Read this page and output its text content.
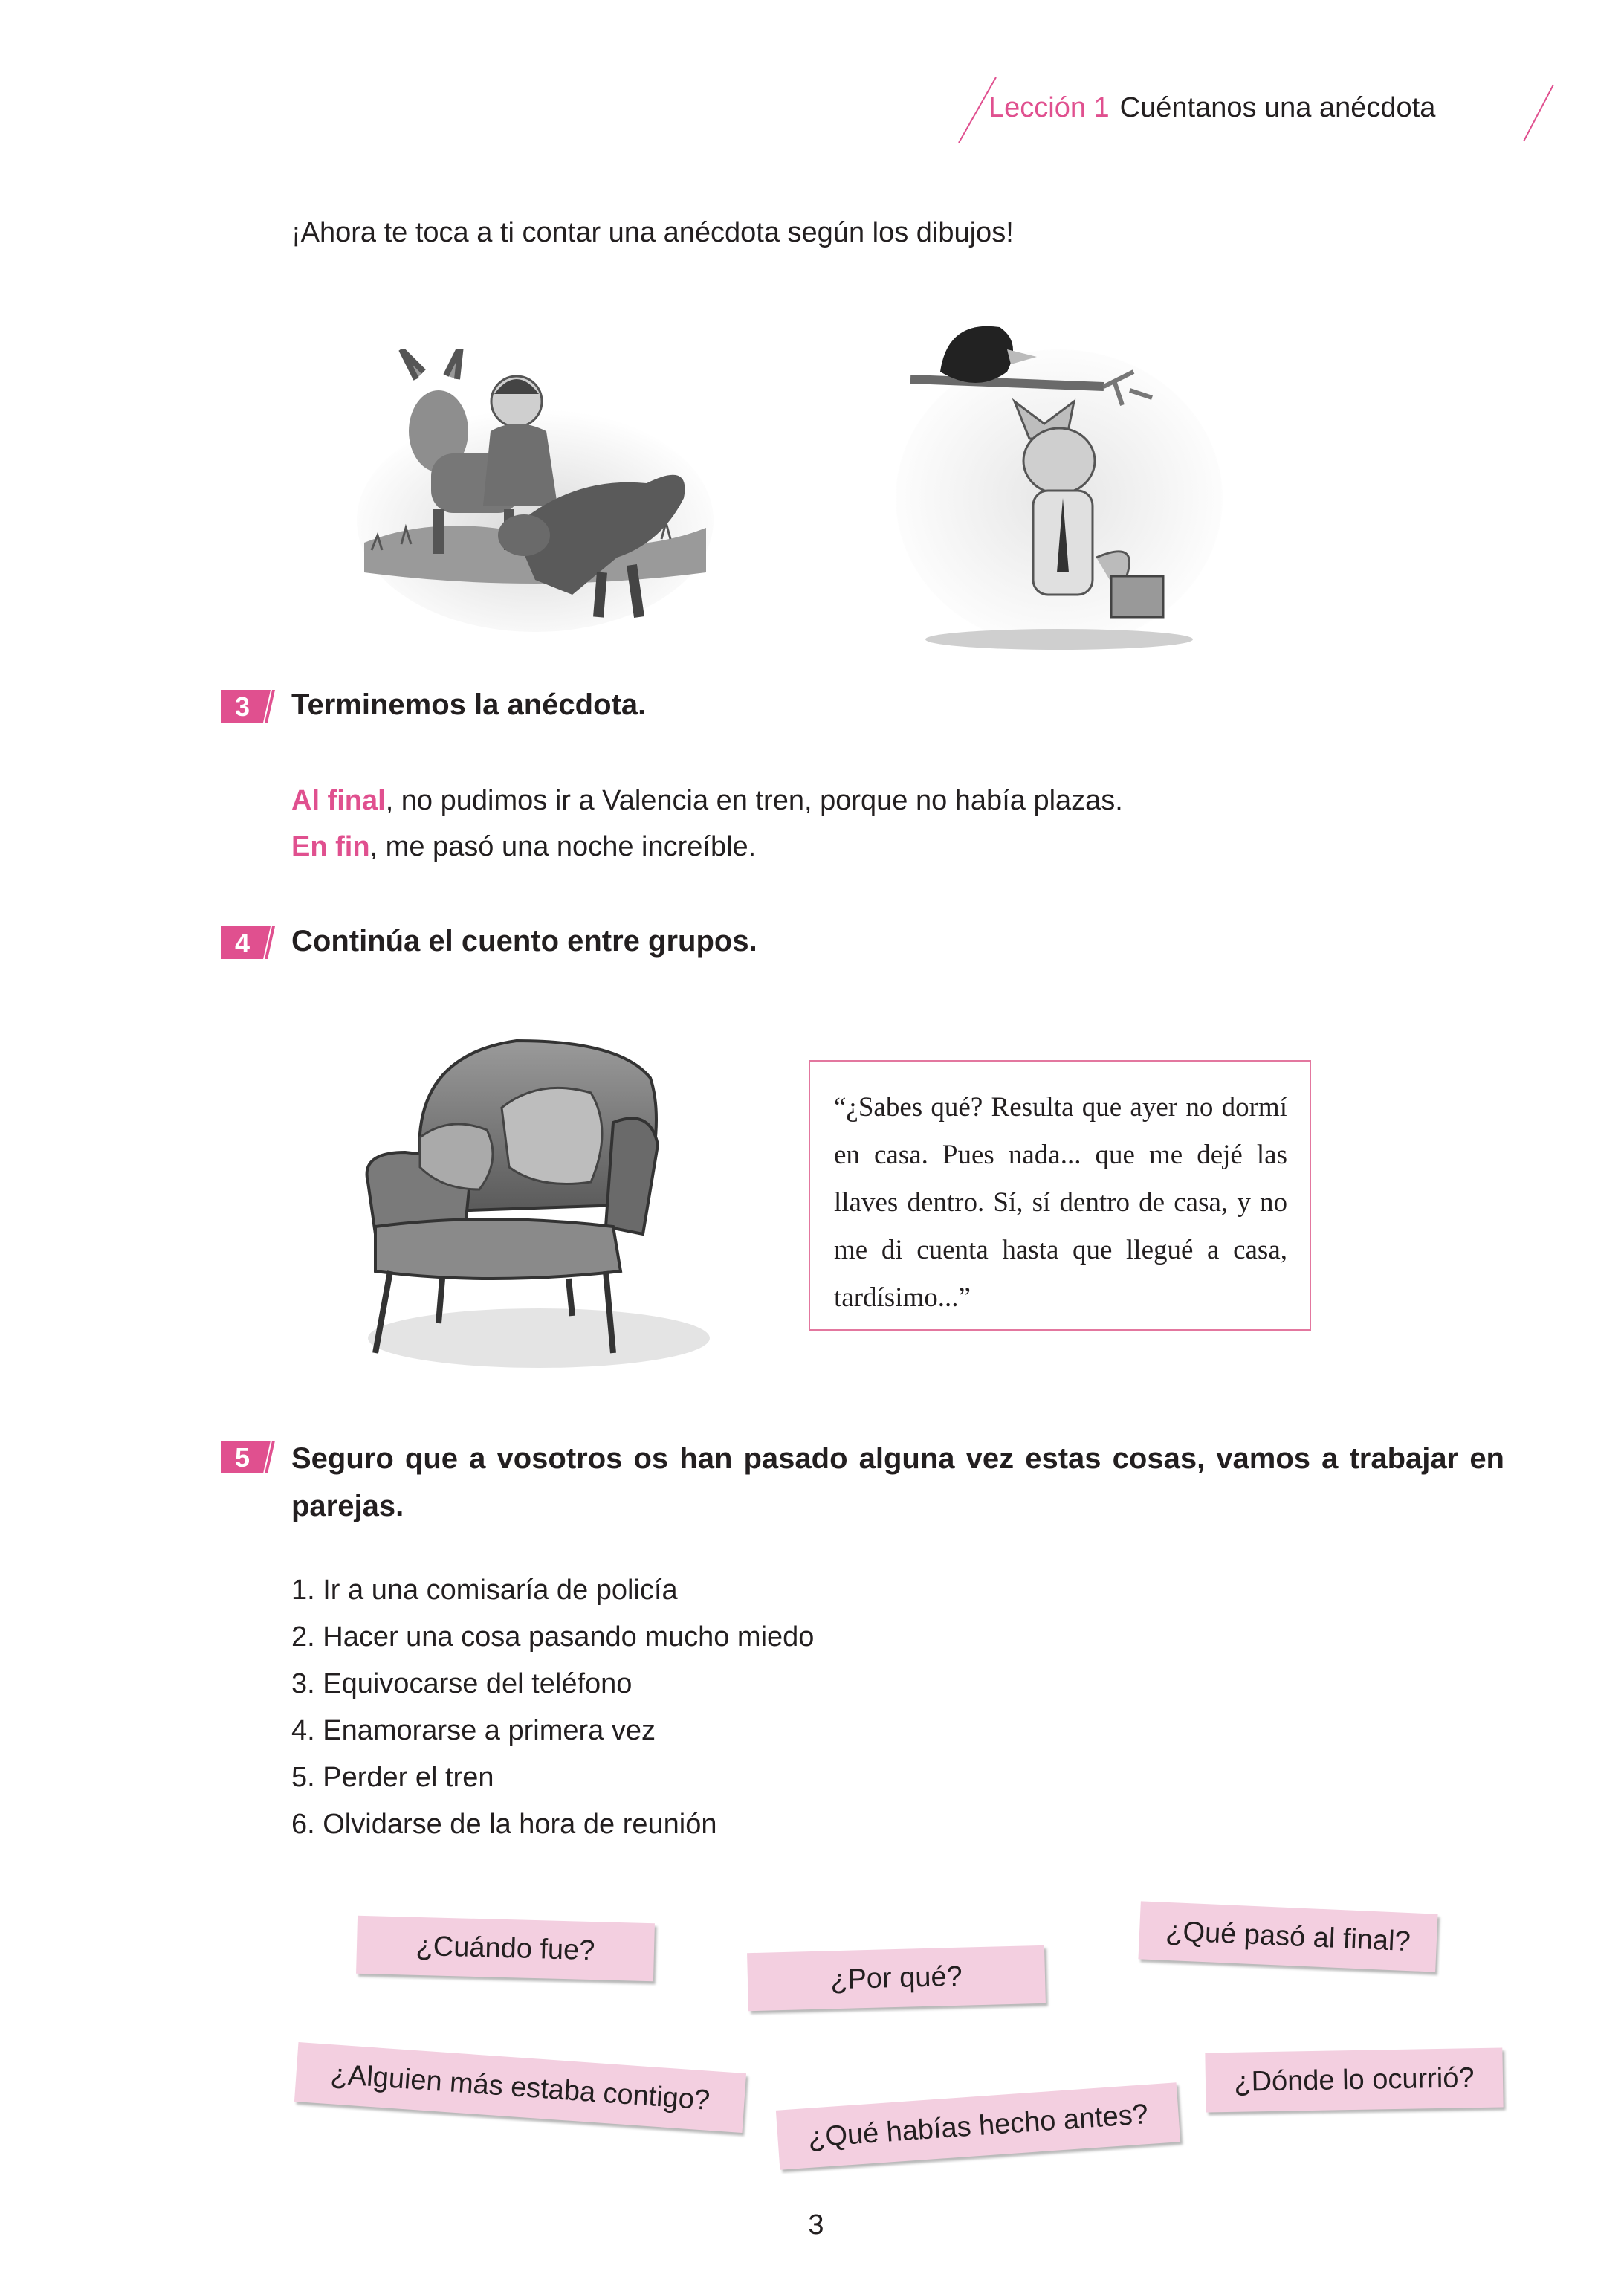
Lección 1 Cuéntanos una anécdota
¡Ahora te toca a ti contar una anécdota según los dibujos!
3	Terminemos la anécdota.
Al final, no pudimos ir a Valencia en tren, porque no había plazas.
En fin, me pasó una noche increíble.
4	Continúa el cuento entre grupos.
“¿Sabes qué? Resulta que ayer no dormí en casa. Pues nada... que me dejé las llaves dentro. Sí, sí dentro de casa, y no me di cuenta hasta que llegué a casa, tardísimo...”
5	Seguro que a vosotros os han pasado alguna vez estas cosas, vamos a trabajar en parejas.
1. Ir a una comisaría de policía
2. Hacer una cosa pasando mucho miedo
3. Equivocarse del teléfono
4. Enamorarse a primera vez
5. Perder el tren
6. Olvidarse de la hora de reunión
¿Cuándo fue?
¿Por qué?
¿Qué pasó al final?
¿Alguien más estaba contigo?
¿Qué habías hecho antes?
¿Dónde lo ocurrió?
3
